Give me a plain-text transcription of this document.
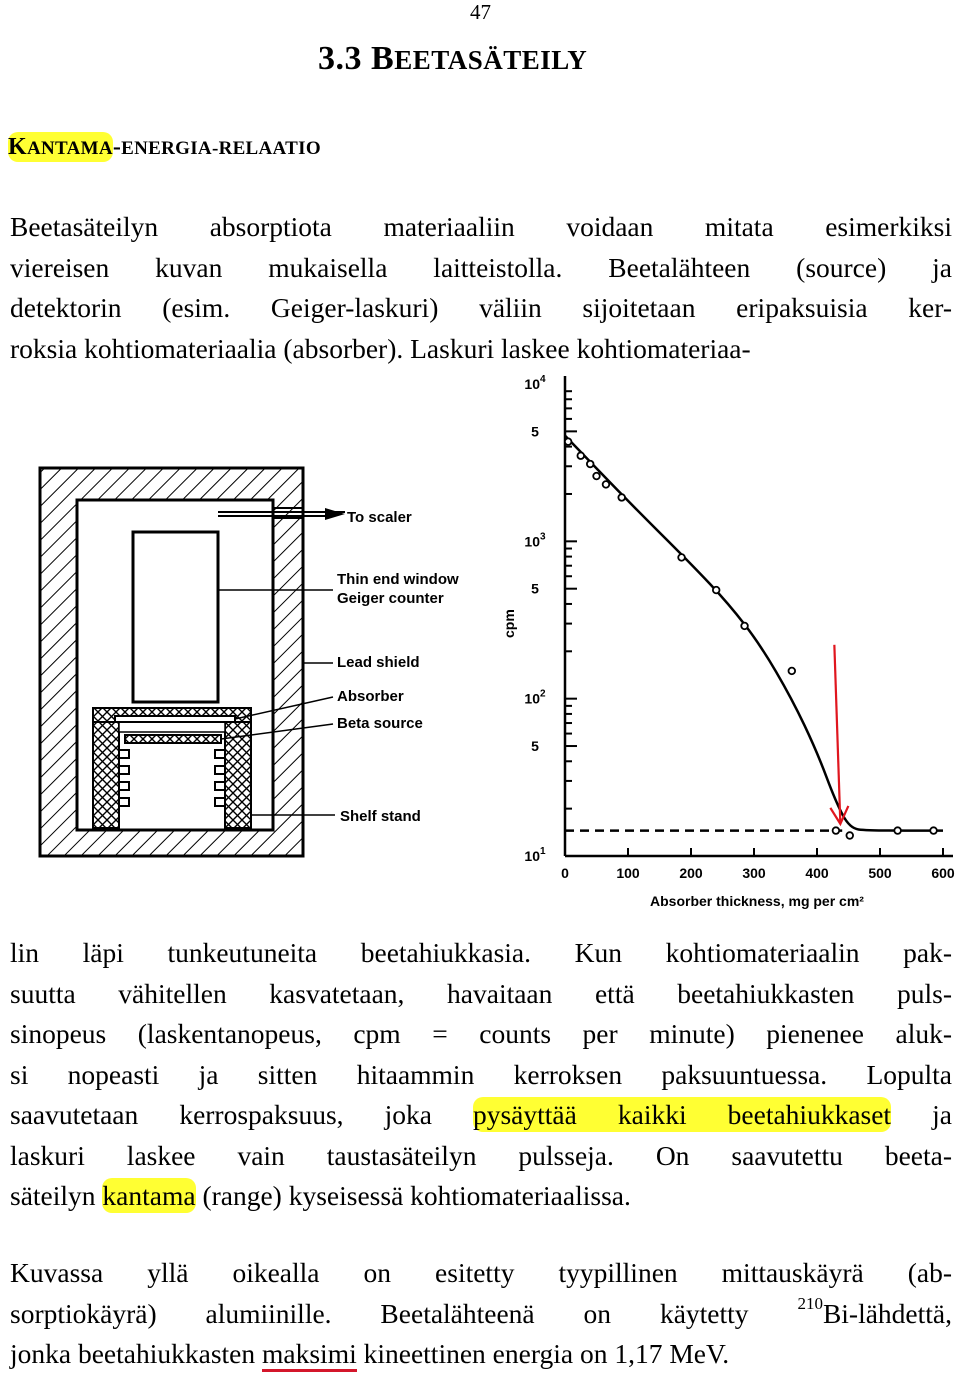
47
3.3 BEETASÄTEILY
KANTAMA-ENERGIA-RELAATIO
Beetasäteilyn absorptiota materiaaliin voidaan mitata esimerkiksi
viereisen kuvan mukaisella laitteistolla. Beetalähteen (source) ja
detektorin (esim. Geiger-laskuri) väliin sijoitetaan eripaksuisia ker-
roksia kohtiomateriaalia (absorber). Laskuri laskee kohtiomateriaa-
To scaler
Thin end window
Geiger counter
Lead shield
Absorber
Beta source
Shelf stand
0	100	200	300	400	500	600
$10^4$
5
$10^3$
5
$10^2$
5
$10^1$
cpm
Absorber thickness, mg per cm²
lin läpi tunkeutuneita beetahiukkasia. Kun kohtiomateriaalin pak-
suutta vähitellen kasvatetaan, havaitaan että beetahiukkasten puls-
sinopeus (laskentanopeus, cpm = counts per minute) pienenee aluk-
si nopeasti ja sitten hitaammin kerroksen paksuuntuessa. Lopulta
saavutetaan kerrospaksuus, joka pysäyttää kaikki beetahiukkaset ja
laskuri laskee vain taustasäteilyn pulsseja. On saavutettu beeta-
säteilyn kantama (range) kyseisessä kohtiomateriaalissa.
Kuvassa yllä oikealla on esitetty tyypillinen mittauskäyrä (ab-
sorptiokäyrä) alumiinille. Beetalähteenä on käytetty $^{210}$Bi-lähdettä,
jonka beetahiukkasten maksimi kineettinen energia on 1,17 MeV.
